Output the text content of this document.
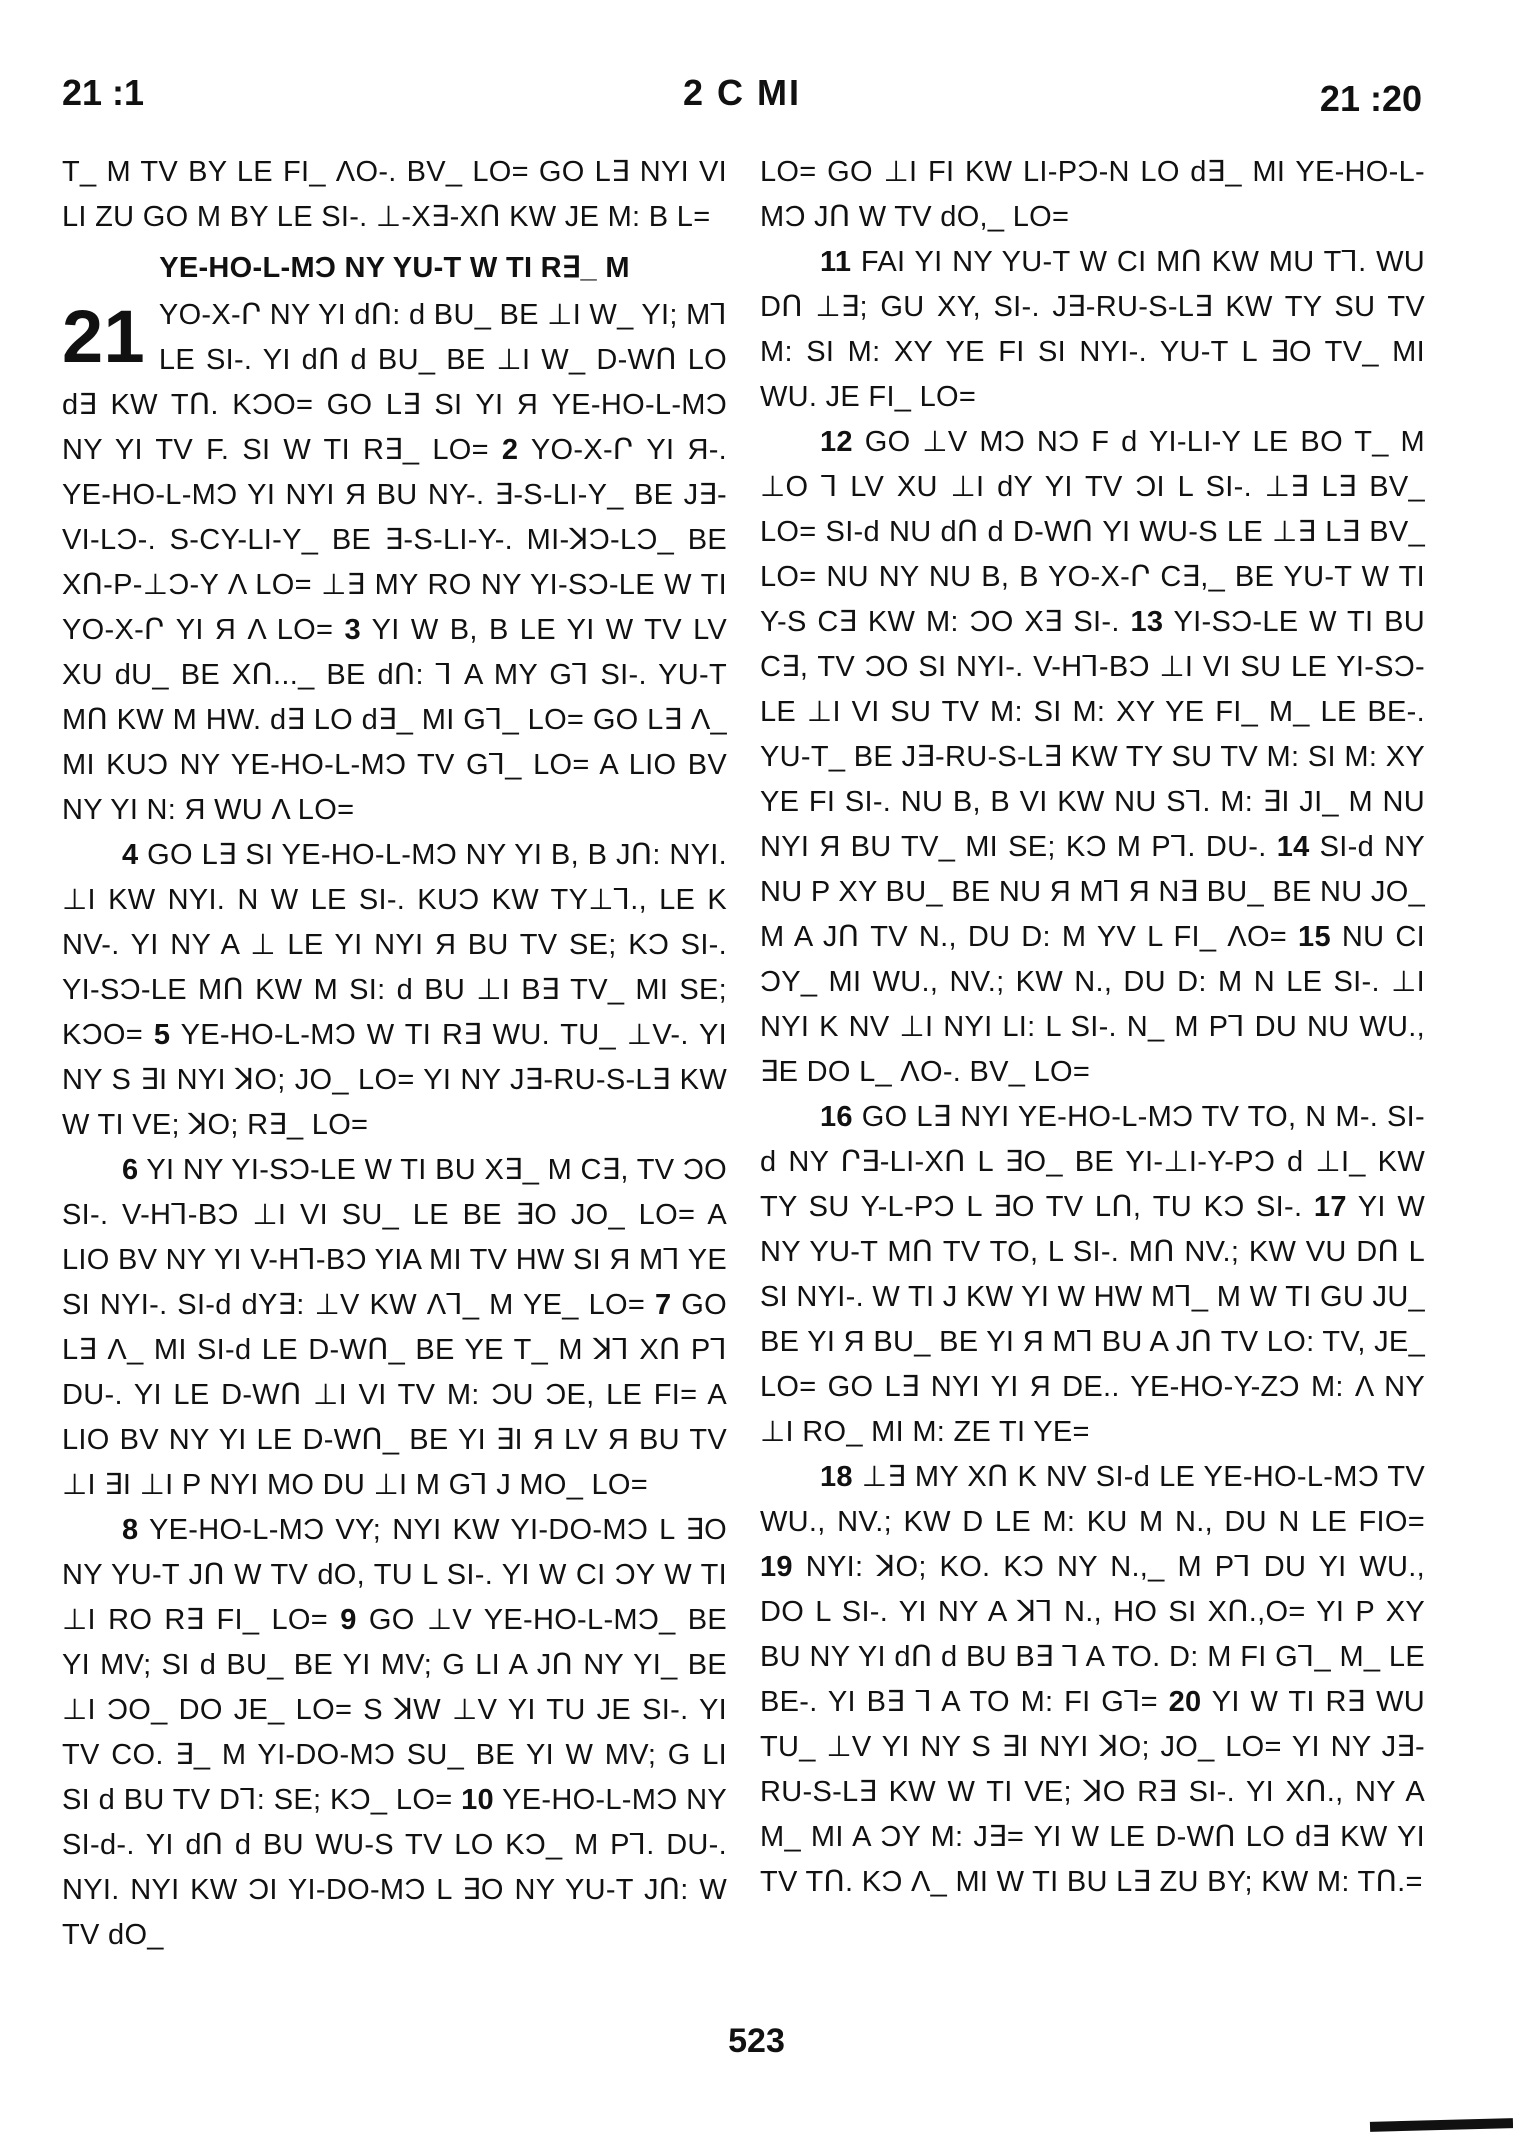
21 :1	2 C MI	21 :20

T_ M TV BY LE FI_ ΛO-. BV_ LO= GO L∃ NYI VI LI ZU GO M BY LE SI-. ⊥-X∃-XՈ KW JE M: B L=

YE-HO-L-MƆ NY YU-T W TI R∃_ M

21 YO-X-Ր NY YI dՈ: d BU_ BE ⊥I W_ YI; M⅂ LE SI-. YI dՈ d BU_ BE ⊥I W_ D-WՈ LO d∃ KW TՈ. KƆO= GO L∃ SI YI Я YE-HO-L-MƆ NY YI TV F. SI W TI R∃_ LO= 2 YO-X-Ր YI Я-. YE-HO-L-MƆ YI NYI Я BU NY-. ∃-S-LI-Y_ BE J∃-VI-LƆ-. S-CY-LI-Y_ BE ∃-S-LI-Y-. MI-ꓘƆ-LƆ_ BE XՈ-P-⊥Ɔ-Y Λ LO= ⊥∃ MY RO NY YI-SƆ-LE W TI YO-X-Ր YI Я Λ LO= 3 YI W B, B LE YI W TV LV XU dU_ BE XՈ..._ BE dՈ: ⅂ A MY G⅂ SI-. YU-T MՈ KW M HW. d∃ LO d∃_ MI G⅂_ LO= GO L∃ Λ_ MI KUƆ NY YE-HO-L-MƆ TV G⅂_ LO= A LIO BV NY YI N: Я WU Λ LO=

4 GO L∃ SI YE-HO-L-MƆ NY YI B, B JՈ: NYI. ⊥I KW NYI. N W LE SI-. KUƆ KW TY⊥⅂., LE K NV-. YI NY A ⊥ LE YI NYI Я BU TV SE; KƆ SI-. YI-SƆ-LE MՈ KW M SI: d BU ⊥I B∃ TV_ MI SE; KƆO= 5 YE-HO-L-MƆ W TI R∃ WU. TU_ ⊥V-. YI NY S ∃I NYI ꓘO; JO_ LO= YI NY J∃-RU-S-L∃ KW W TI VE; ꓘO; R∃_ LO=

6 YI NY YI-SƆ-LE W TI BU X∃_ M C∃, TV ƆO SI-. V-H⅂-BƆ ⊥I VI SU_ LE BE ∃O JO_ LO= A LIO BV NY YI V-H⅂-BƆ YIA MI TV HW SI Я M⅂ YE SI NYI-. SI-d dY∃: ⊥V KW Λ⅂_ M YE_ LO= 7 GO L∃ Λ_ MI SI-d LE D-WՈ_ BE YE T_ M ꓘ⅂ XՈ P⅂ DU-. YI LE D-WՈ ⊥I VI TV M: ƆU ƆE, LE FI= A LIO BV NY YI LE D-WՈ_ BE YI ∃I Я LV Я BU TV ⊥I ∃I ⊥I P NYI MO DU ⊥I M G⅂ J MO_ LO=

8 YE-HO-L-MƆ VY; NYI KW YI-DO-MƆ L ∃O NY YU-T JՈ W TV dO, TU L SI-. YI W CI ƆY W TI ⊥I RO R∃ FI_ LO= 9 GO ⊥V YE-HO-L-MƆ_ BE YI MV; SI d BU_ BE YI MV; G LI A JՈ NY YI_ BE ⊥I ƆO_ DO JE_ LO= S ꓘW ⊥V YI TU JE SI-. YI TV CO. ∃_ M YI-DO-MƆ SU_ BE YI W MV; G LI SI d BU TV D⅂: SE; KƆ_ LO= 10 YE-HO-L-MƆ NY SI-d-. YI dՈ d BU WU-S TV LO KƆ_ M P⅂. DU-. NYI. NYI KW ƆI YI-DO-MƆ L ∃O NY YU-T JՈ: W TV dO_

LO= GO ⊥I FI KW LI-PƆ-N LO d∃_ MI YE-HO-L-MƆ JՈ W TV dO,_ LO=

11 FAI YI NY YU-T W CI MՈ KW MU T⅂. WU DՈ ⊥∃; GU XY, SI-. J∃-RU-S-L∃ KW TY SU TV M: SI M: XY YE FI SI NYI-. YU-T L ∃O TV_ MI WU. JE FI_ LO=

12 GO ⊥V MƆ NƆ F d YI-LI-Y LE BO T_ M ⊥O ⅂ LV XU ⊥I dY YI TV ƆI L SI-. ⊥∃ L∃ BV_ LO= SI-d NU dՈ d D-WՈ YI WU-S LE ⊥∃ L∃ BV_ LO= NU NY NU B, B YO-X-Ր C∃,_ BE YU-T W TI Y-S C∃ KW M: ƆO X∃ SI-. 13 YI-SƆ-LE W TI BU C∃, TV ƆO SI NYI-. V-H⅂-BƆ ⊥I VI SU LE YI-SƆ-LE ⊥I VI SU TV M: SI M: XY YE FI_ M_ LE BE-. YU-T_ BE J∃-RU-S-L∃ KW TY SU TV M: SI M: XY YE FI SI-. NU B, B VI KW NU S⅂. M: ∃I JI_ M NU NYI Я BU TV_ MI SE; KƆ M P⅂. DU-. 14 SI-d NY NU P XY BU_ BE NU Я M⅂ Я N∃ BU_ BE NU JO_ M A JՈ TV N., DU D: M YV L FI_ ΛO= 15 NU CI ƆY_ MI WU., NV.; KW N., DU D: M N LE SI-. ⊥I NYI K NV ⊥I NYI LI: L SI-. N_ M P⅂ DU NU WU., ∃E DO L_ ΛO-. BV_ LO=

16 GO L∃ NYI YE-HO-L-MƆ TV TO, N M-. SI-d NY Ր∃-LI-XՈ L ∃O_ BE YI-⊥I-Y-PƆ d ⊥I_ KW TY SU Y-L-PƆ L ∃O TV LՈ, TU KƆ SI-. 17 YI W NY YU-T MՈ TV TO, L SI-. MՈ NV.; KW VU DՈ L SI NYI-. W TI J KW YI W HW M⅂_ M W TI GU JU_ BE YI Я BU_ BE YI Я M⅂ BU A JՈ TV LO: TV, JE_ LO= GO L∃ NYI YI Я DE.. YE-HO-Y-ZƆ M: Λ NY ⊥I RO_ MI M: ZE TI YE=

18 ⊥∃ MY XՈ K NV SI-d LE YE-HO-L-MƆ TV WU., NV.; KW D LE M: KU M N., DU N LE FIO= 19 NYI: ꓘO; KO. KƆ NY N.,_ M P⅂ DU YI WU., DO L SI-. YI NY A ꓘ⅂ N., HO SI XՈ.,O= YI P XY BU NY YI dՈ d BU B∃ ⅂ A TO. D: M FI G⅂_ M_ LE BE-. YI B∃ ⅂ A TO M: FI G⅂= 20 YI W TI R∃ WU TU_ ⊥V YI NY S ∃I NYI ꓘO; JO_ LO= YI NY J∃-RU-S-L∃ KW W TI VE; ꓘO R∃ SI-. YI XՈ., NY A M_ MI A ƆY M: J∃= YI W LE D-WՈ LO d∃ KW YI TV TՈ. KƆ Λ_ MI W TI BU L∃ ZU BY; KW M: TՈ.=

523
